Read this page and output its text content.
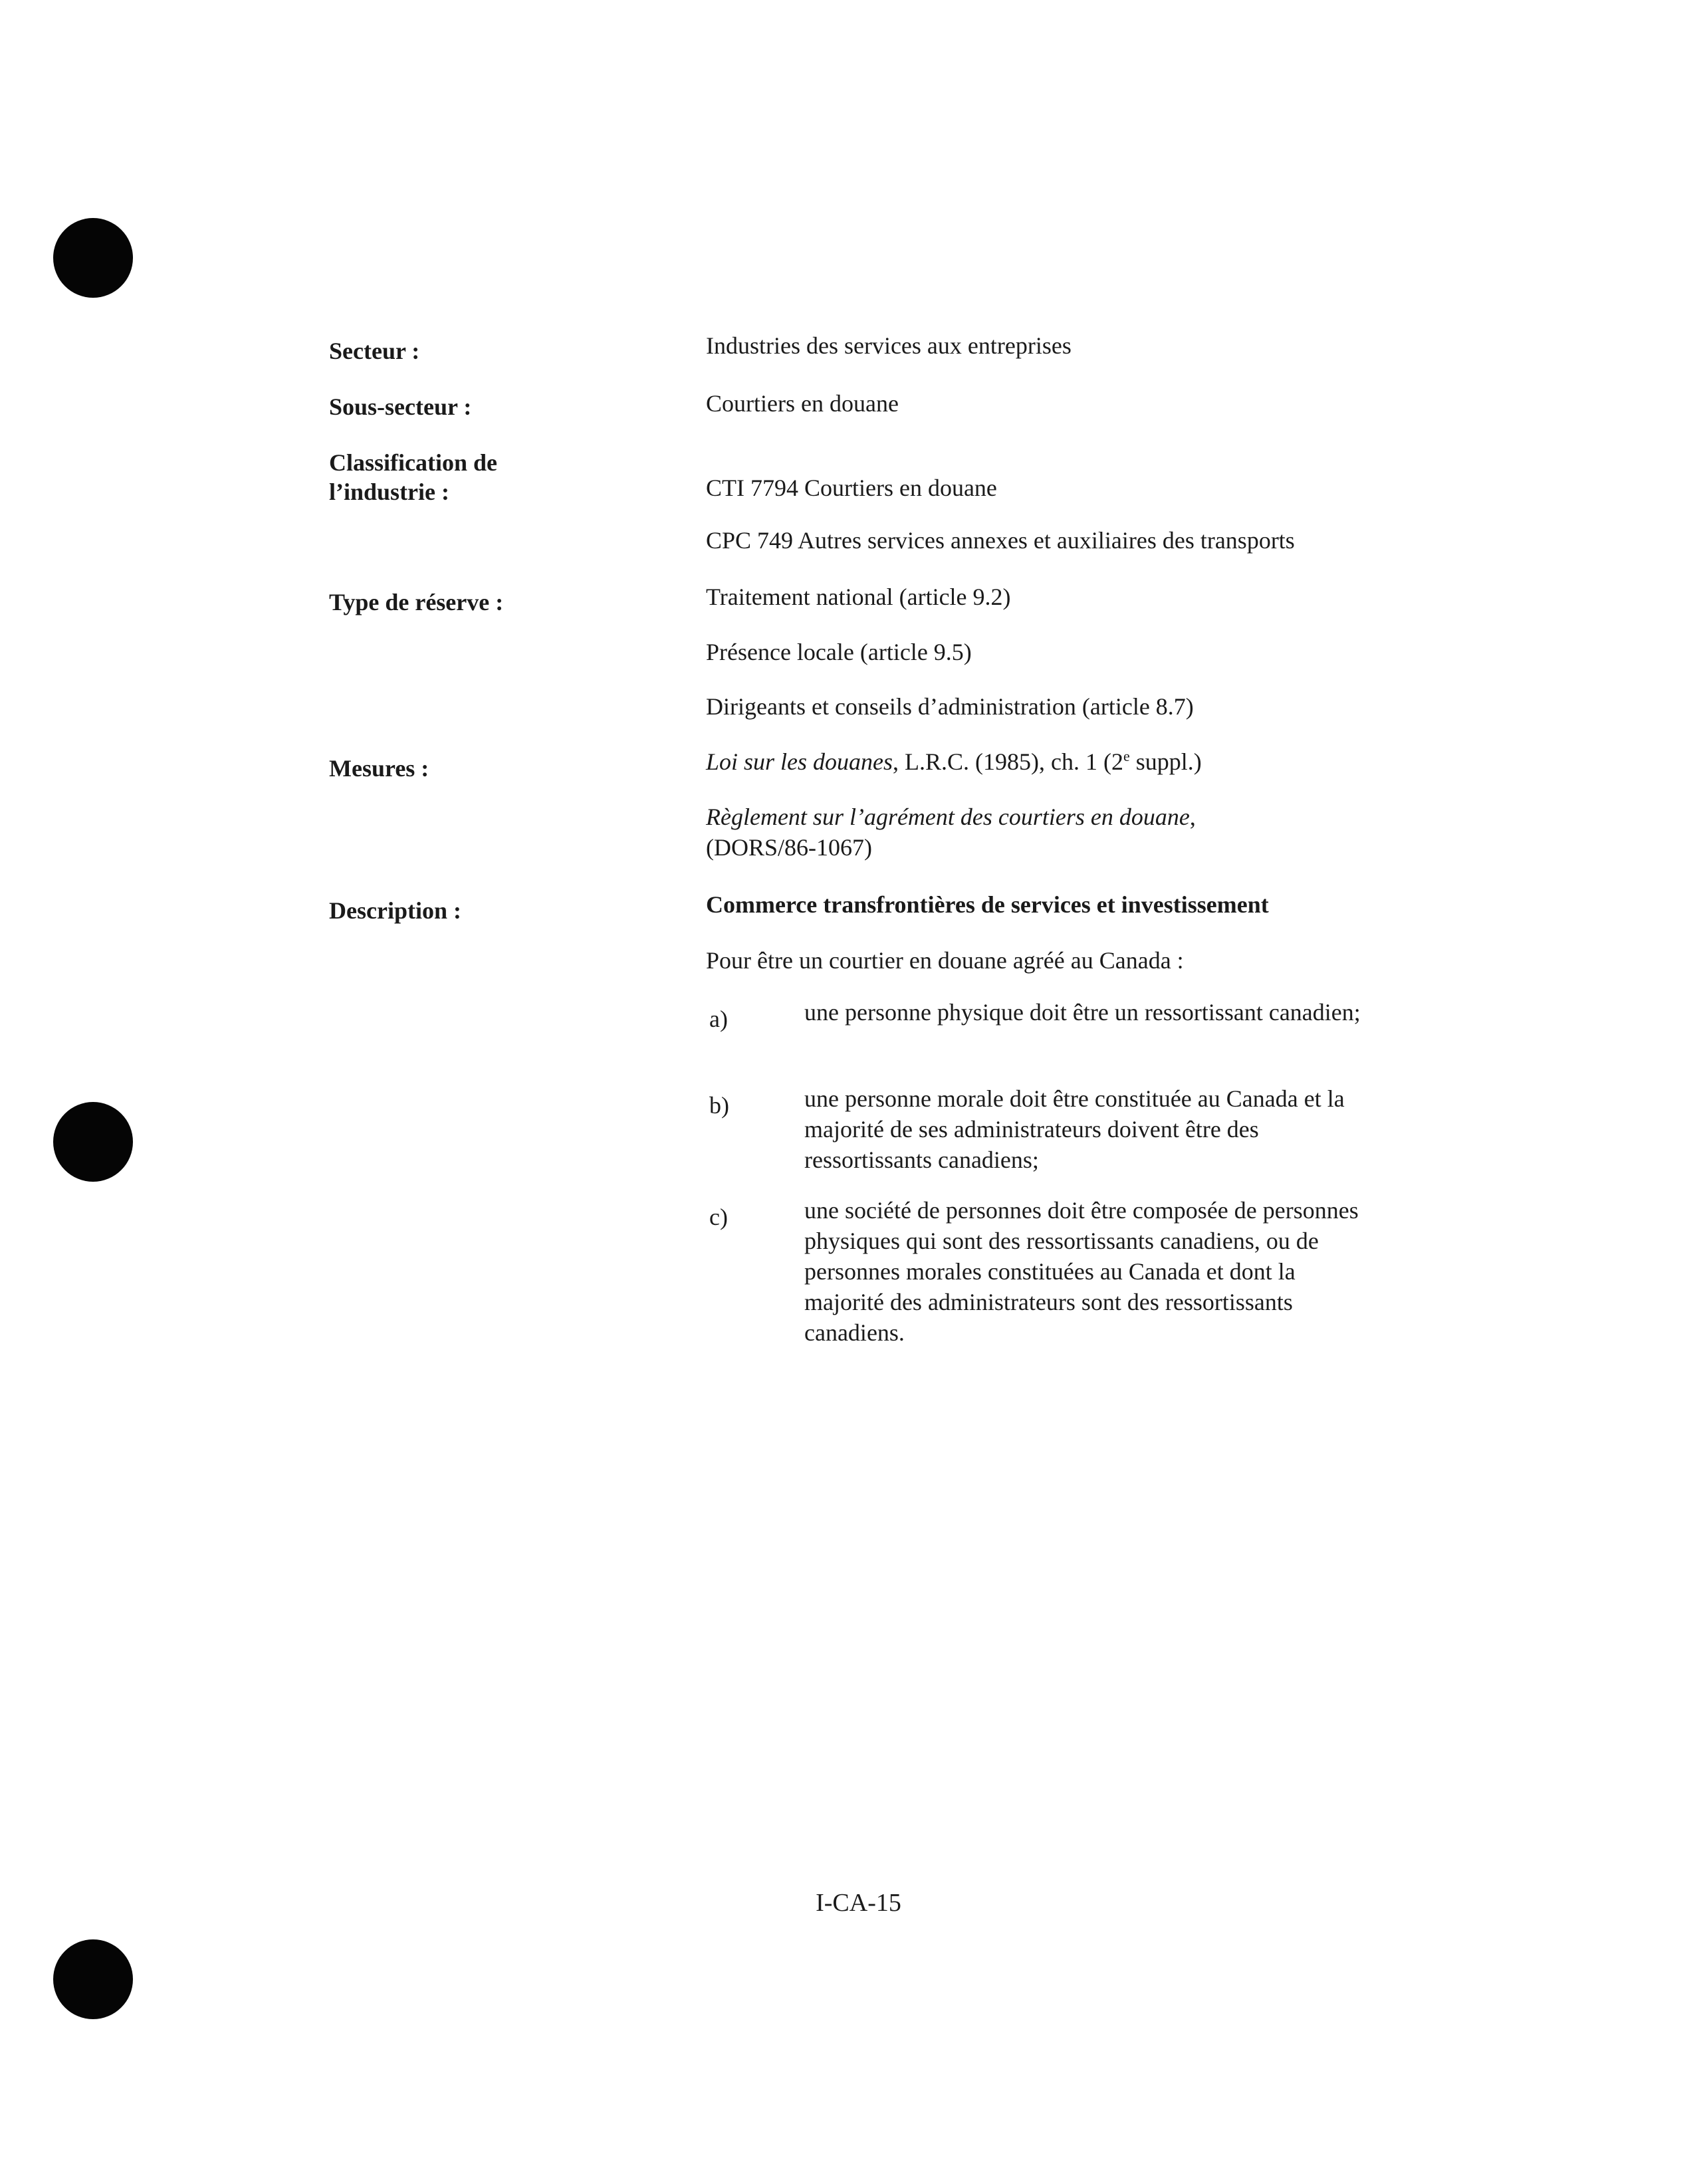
Secteur :	Industries des services aux entreprises
Sous-secteur :	Courtiers en douane
Classification de
l’industrie :	CTI 7794 Courtiers en douane
CPC 749 Autres services annexes et auxiliaires des transports
Type de réserve :	Traitement national (article 9.2)
Présence locale (article 9.5)
Dirigeants et conseils d’administration (article 8.7)
Mesures :	Loi sur les douanes, L.R.C. (1985), ch. 1 (2e suppl.)
Règlement sur l’agrément des courtiers en douane,
(DORS/86-1067)
Description :	Commerce transfrontières de services et investissement
Pour être un courtier en douane agréé au Canada :
a)	une personne physique doit être un ressortissant canadien;
b)	une personne morale doit être constituée au Canada et la majorité de ses administrateurs doivent être des ressortissants canadiens;
c)	une société de personnes doit être composée de personnes physiques qui sont des ressortissants canadiens, ou de personnes morales constituées au Canada et dont la majorité des administrateurs sont des ressortissants canadiens.
I-CA-15
